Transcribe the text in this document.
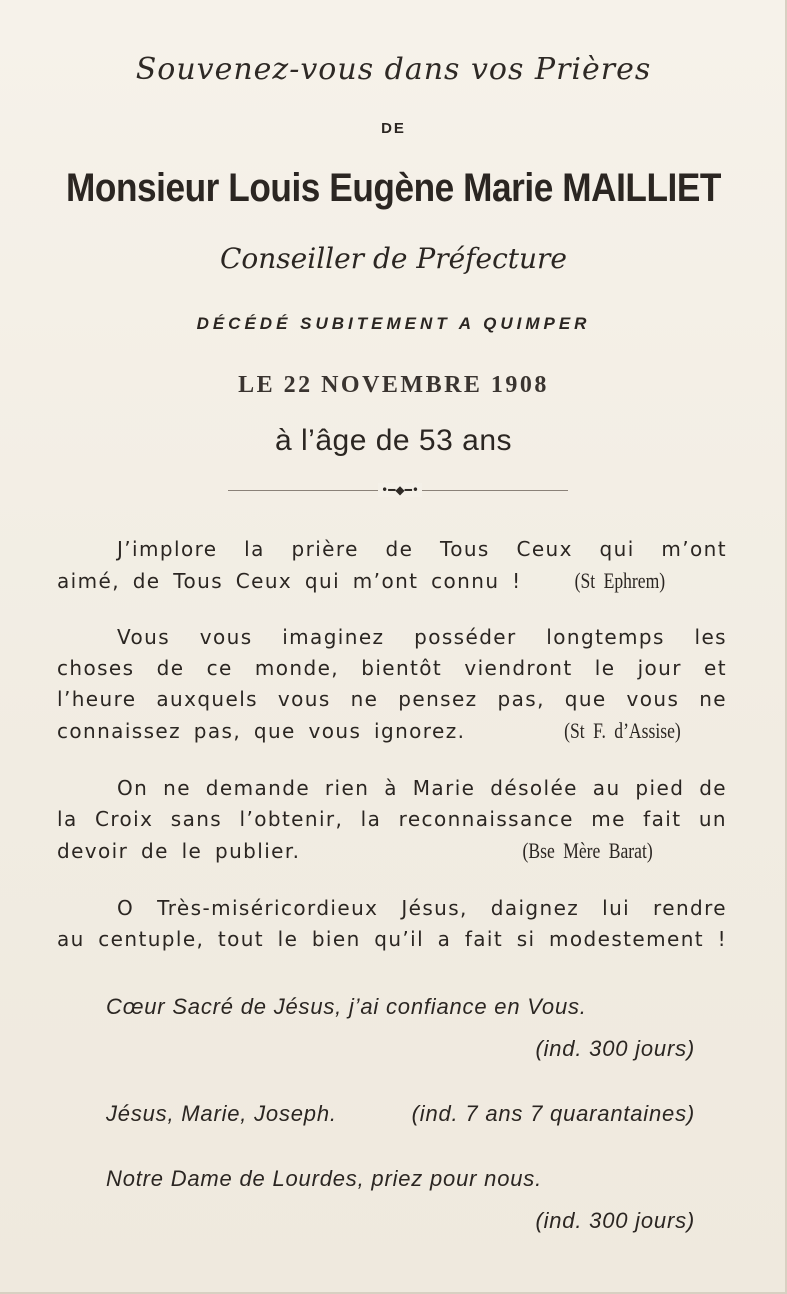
Souvenez-vous dans vos Prières
DE
Monsieur Louis Eugène Marie MAILLIET
Conseiller de Préfecture
DÉCÉDÉ SUBITEMENT A QUIMPER
LE 22 NOVEMBRE 1908
à l’âge de 53 ans
•━◆━•
J’implore la prière de Tous Ceux qui m’ont
aimé, de Tous Ceux qui m’ont connu ! (St Ephrem)
Vous vous imaginez posséder longtemps les
choses de ce monde, bientôt viendront le jour et
l’heure auxquels vous ne pensez pas, que vous ne
connaissez pas, que vous ignorez.	(St F. d’Assise)
On ne demande rien à Marie désolée au pied de
la Croix sans l’obtenir, la reconnaissance me fait un
devoir de le publier.	(Bse Mère Barat)
O Très-miséricordieux Jésus, daignez lui rendre
au centuple, tout le bien qu’il a fait si modestement !
Cœur Sacré de Jésus, j’ai confiance en Vous.
(ind. 300 jours)
Jésus, Marie, Joseph.	(ind. 7 ans 7 quarantaines)
Notre Dame de Lourdes, priez pour nous.
(ind. 300 jours)
